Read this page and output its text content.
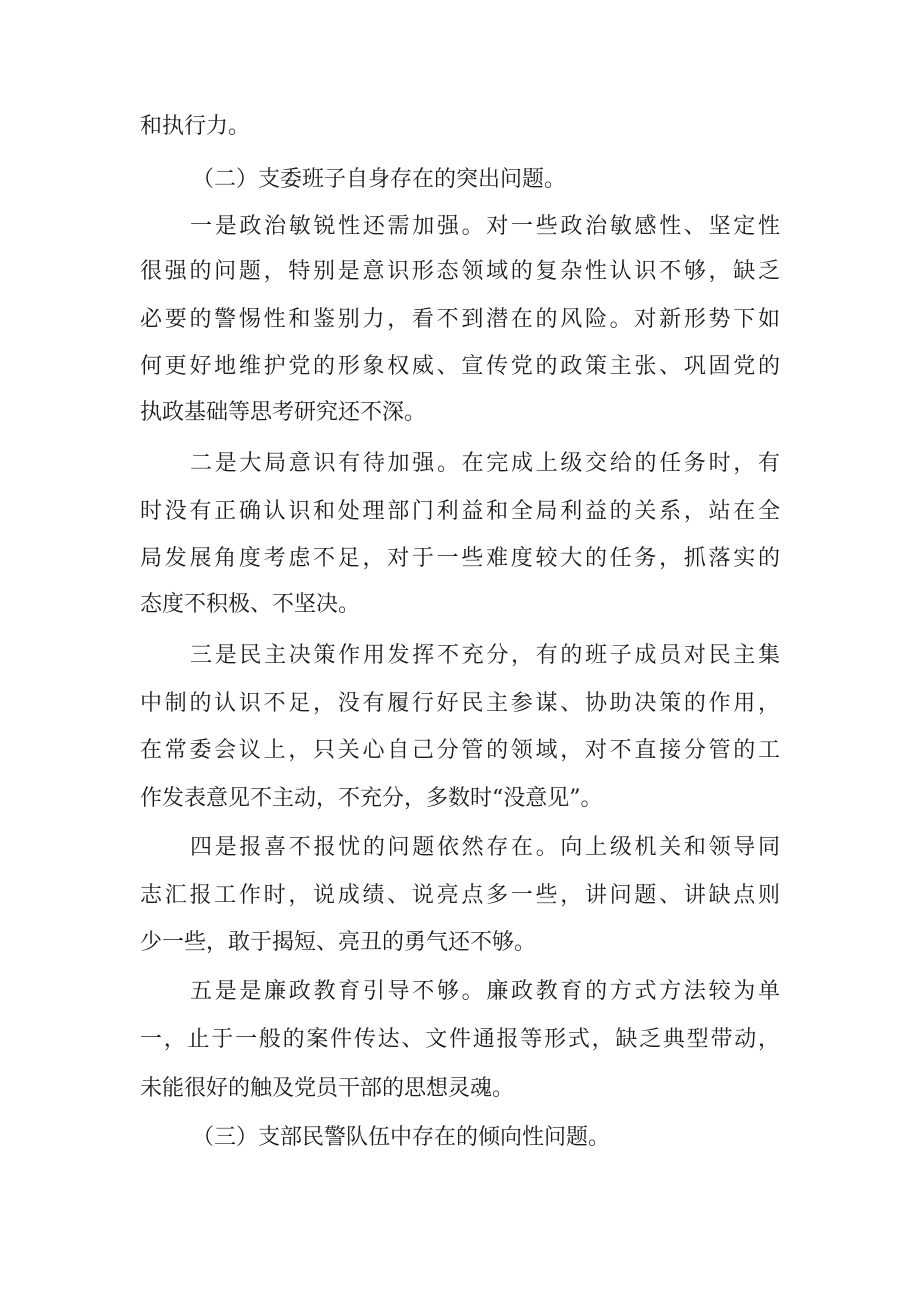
和执行力。
（二）支委班子自身存在的突出问题。
一是政治敏锐性还需加强。对一些政治敏感性、坚定性
很强的问题，特别是意识形态领域的复杂性认识不够，缺乏
必要的警惕性和鉴别力，看不到潜在的风险。对新形势下如
何更好地维护党的形象权威、宣传党的政策主张、巩固党的
执政基础等思考研究还不深。
二是大局意识有待加强。在完成上级交给的任务时，有
时没有正确认识和处理部门利益和全局利益的关系，站在全
局发展角度考虑不足，对于一些难度较大的任务，抓落实的
态度不积极、不坚决。
三是民主决策作用发挥不充分，有的班子成员对民主集
中制的认识不足，没有履行好民主参谋、协助决策的作用，
在常委会议上，只关心自己分管的领域，对不直接分管的工
作发表意见不主动，不充分，多数时“没意见”。
四是报喜不报忧的问题依然存在。向上级机关和领导同
志汇报工作时，说成绩、说亮点多一些，讲问题、讲缺点则
少一些，敢于揭短、亮丑的勇气还不够。
五是是廉政教育引导不够。廉政教育的方式方法较为单
一，止于一般的案件传达、文件通报等形式，缺乏典型带动，
未能很好的触及党员干部的思想灵魂。
（三）支部民警队伍中存在的倾向性问题。
